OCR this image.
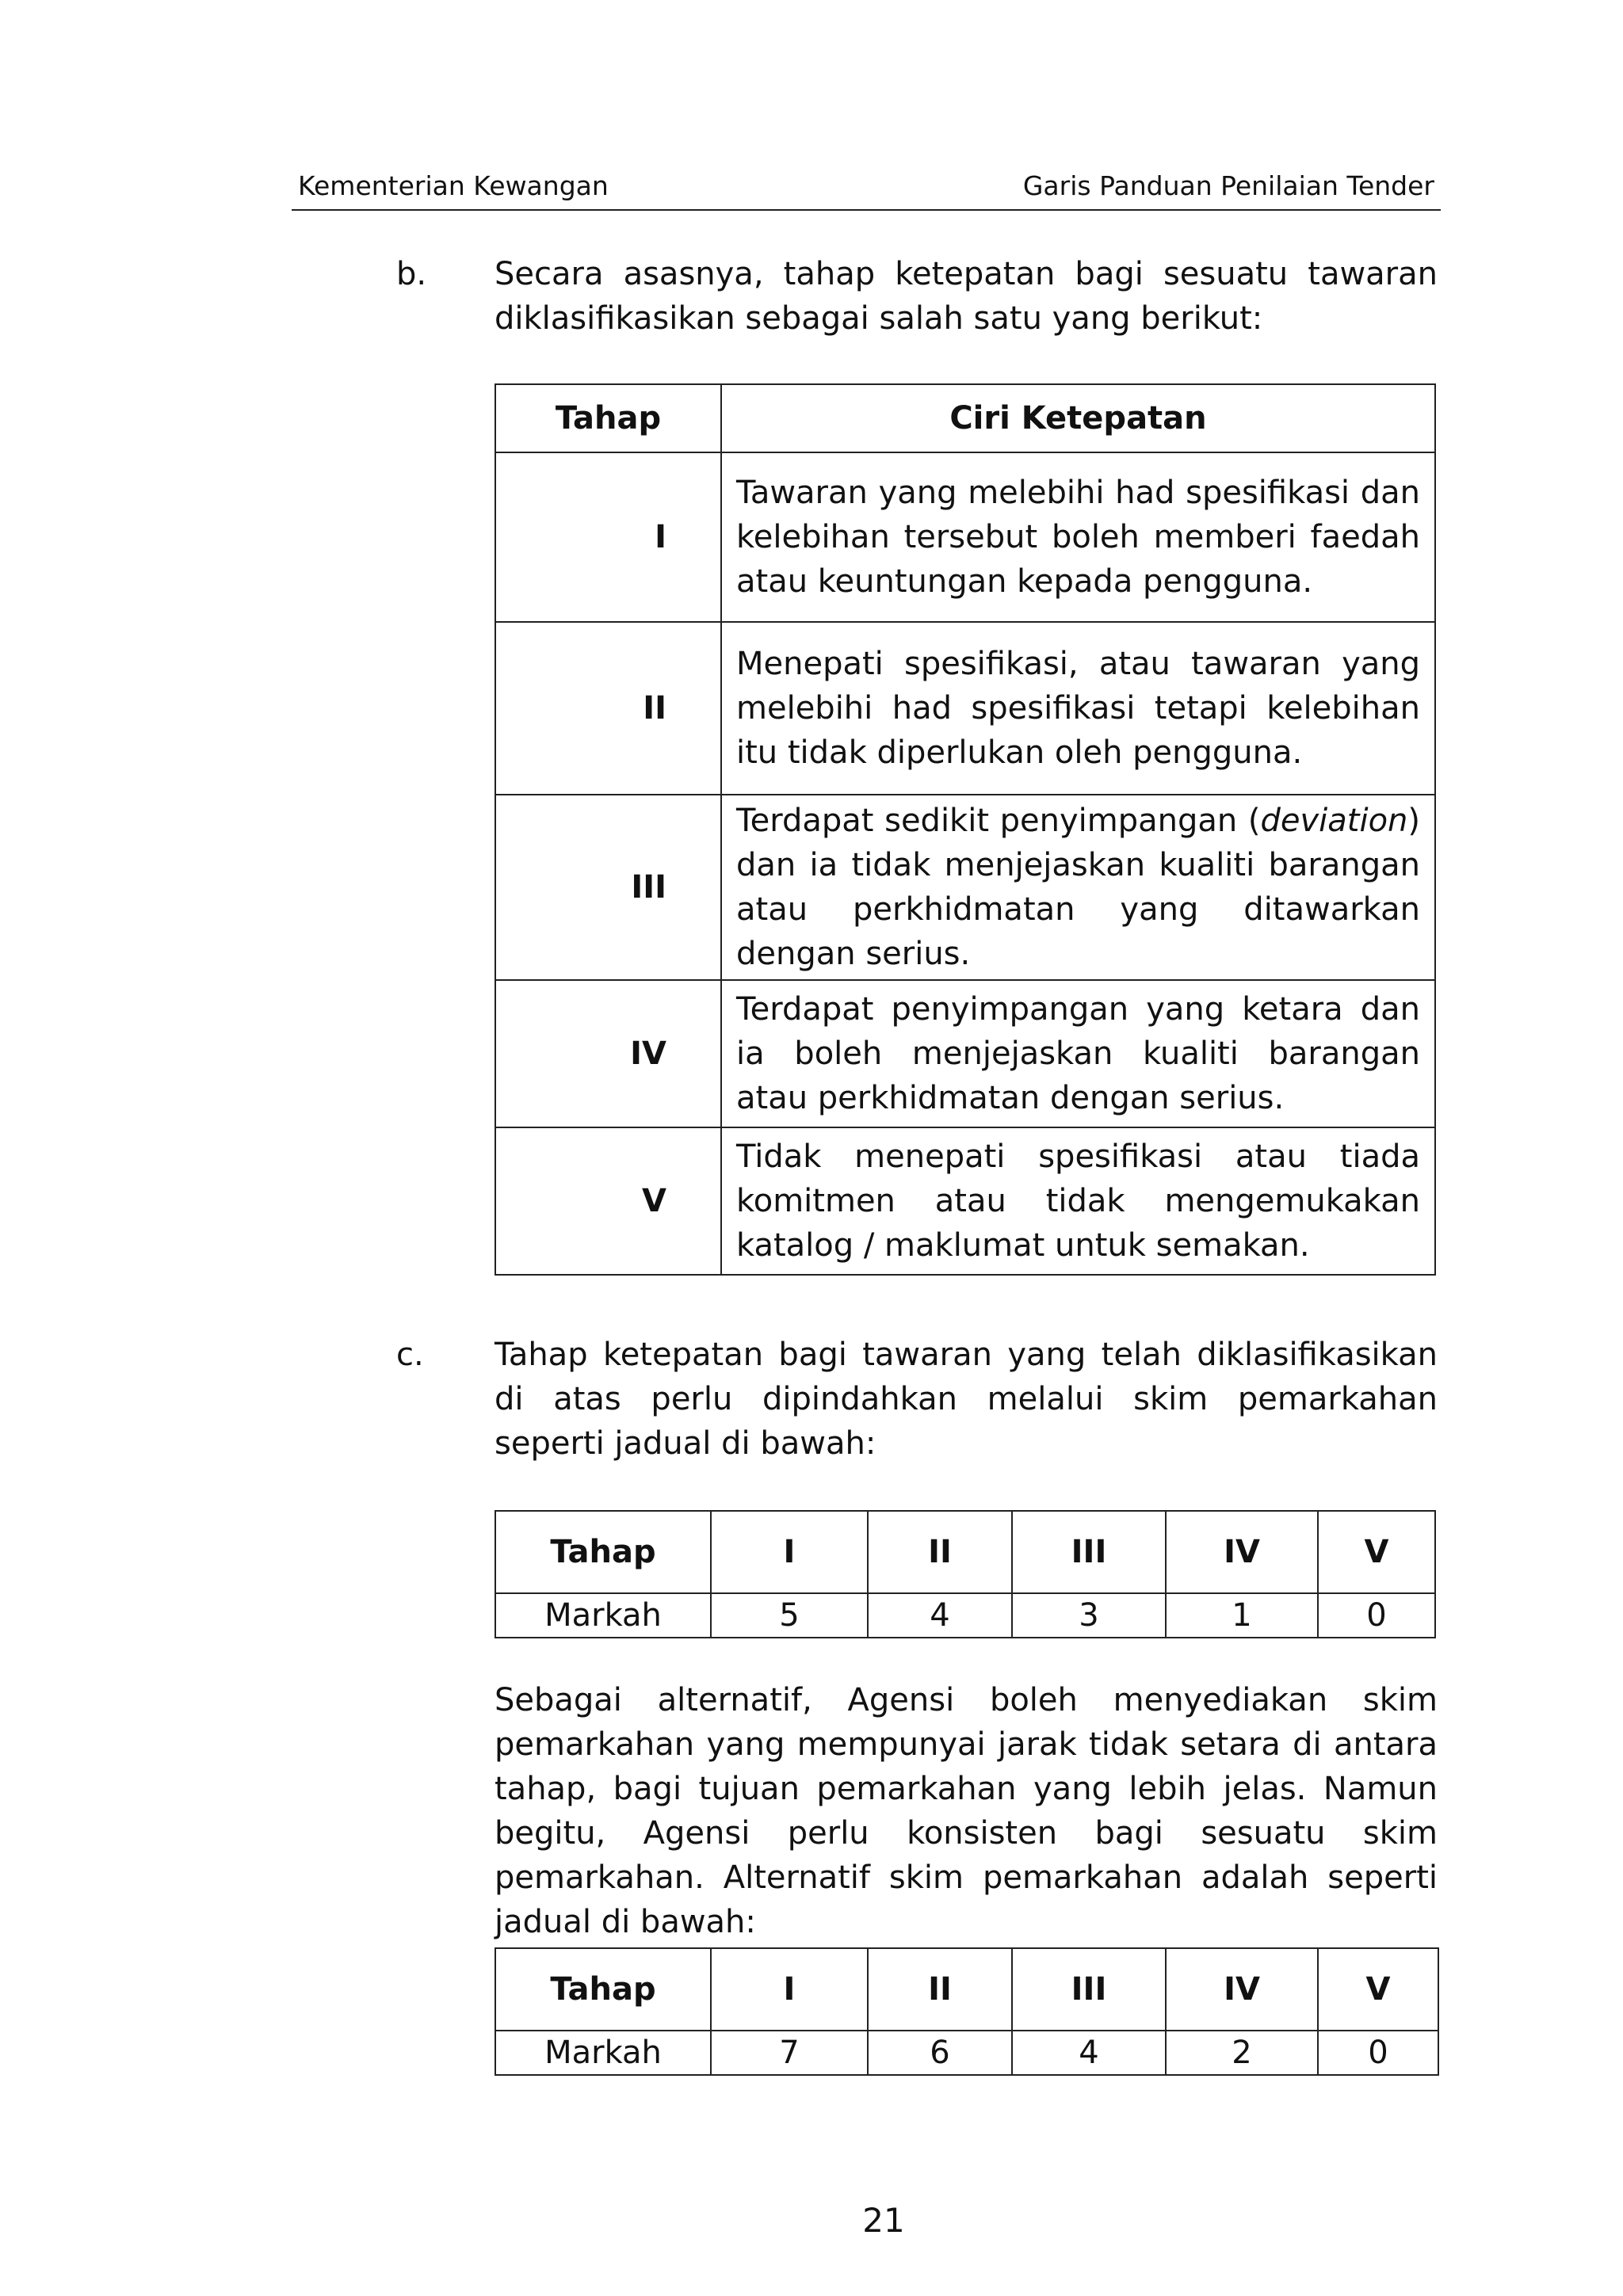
Kementerian Kewangan	Garis Panduan Penilaian Tender
b. Secara asasnya, tahap ketepatan bagi sesuatu tawaran diklasifikasikan sebagai salah satu yang berikut:
Tahap	Ciri Ketepatan
I	Tawaran yang melebihi had spesifikasi dan kelebihan tersebut boleh memberi faedah atau keuntungan kepada pengguna.
II	Menepati spesifikasi, atau tawaran yang melebihi had spesifikasi tetapi kelebihan itu tidak diperlukan oleh pengguna.
III	Terdapat sedikit penyimpangan (deviation) dan ia tidak menjejaskan kualiti barangan atau perkhidmatan yang ditawarkan dengan serius.
IV	Terdapat penyimpangan yang ketara dan ia boleh menjejaskan kualiti barangan atau perkhidmatan dengan serius.
V	Tidak menepati spesifikasi atau tiada komitmen atau tidak mengemukakan katalog / maklumat untuk semakan.
c. Tahap ketepatan bagi tawaran yang telah diklasifikasikan di atas perlu dipindahkan melalui skim pemarkahan seperti jadual di bawah:
Tahap	I	II	III	IV	V
Markah	5	4	3	1	0
Sebagai alternatif, Agensi boleh menyediakan skim pemarkahan yang mempunyai jarak tidak setara di antara tahap, bagi tujuan pemarkahan yang lebih jelas. Namun begitu, Agensi perlu konsisten bagi sesuatu skim pemarkahan. Alternatif skim pemarkahan adalah seperti jadual di bawah:
Tahap	I	II	III	IV	V
Markah	7	6	4	2	0
21
